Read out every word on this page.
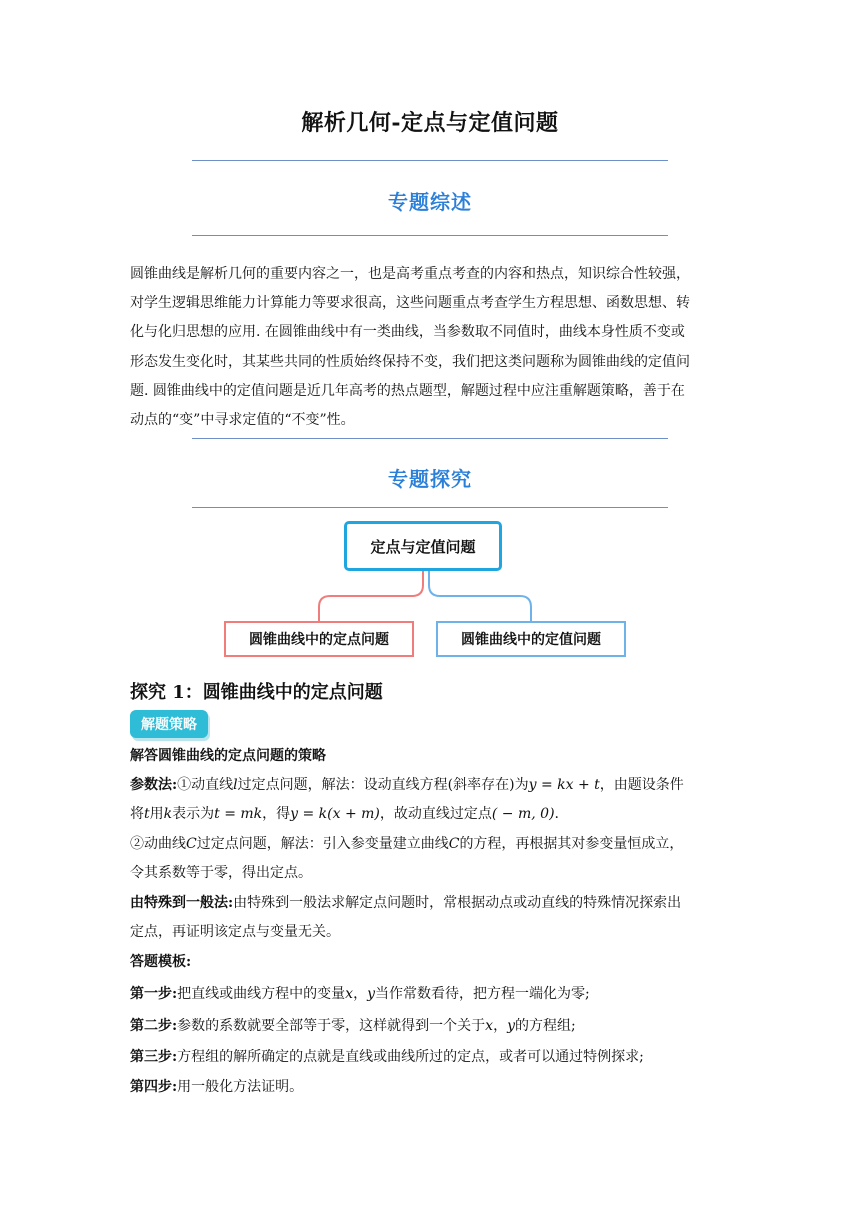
解析几何-定点与定值问题
专题综述
圆锥曲线是解析几何的重要内容之一，也是高考重点考查的内容和热点，知识综合性较强，
对学生逻辑思维能力计算能力等要求很高，这些问题重点考查学生方程思想、函数思想、转
化与化归思想的应用. 在圆锥曲线中有一类曲线，当参数取不同值时，曲线本身性质不变或
形态发生变化时，其某些共同的性质始终保持不变，我们把这类问题称为圆锥曲线的定值问
题. 圆锥曲线中的定值问题是近几年高考的热点题型，解题过程中应注重解题策略，善于在
动点的“变”中寻求定值的“不变”性。
专题探究
定点与定值问题
圆锥曲线中的定点问题	圆锥曲线中的定值问题
探究 1：圆锥曲线中的定点问题
解题策略
解答圆锥曲线的定点问题的策略
参数法:①动直线l过定点问题，解法：设动直线方程(斜率存在)为y = kx + t，由题设条件
将t用k表示为t = mk，得y = k(x + m)，故动直线过定点( − m, 0).
②动曲线C过定点问题，解法：引入参变量建立曲线C的方程，再根据其对参变量恒成立，
令其系数等于零，得出定点。
由特殊到一般法:由特殊到一般法求解定点问题时，常根据动点或动直线的特殊情况探索出
定点，再证明该定点与变量无关。
答题模板:
第一步:把直线或曲线方程中的变量x，y当作常数看待，把方程一端化为零;
第二步:参数的系数就要全部等于零，这样就得到一个关于x，y的方程组;
第三步:方程组的解所确定的点就是直线或曲线所过的定点，或者可以通过特例探求;
第四步:用一般化方法证明。
